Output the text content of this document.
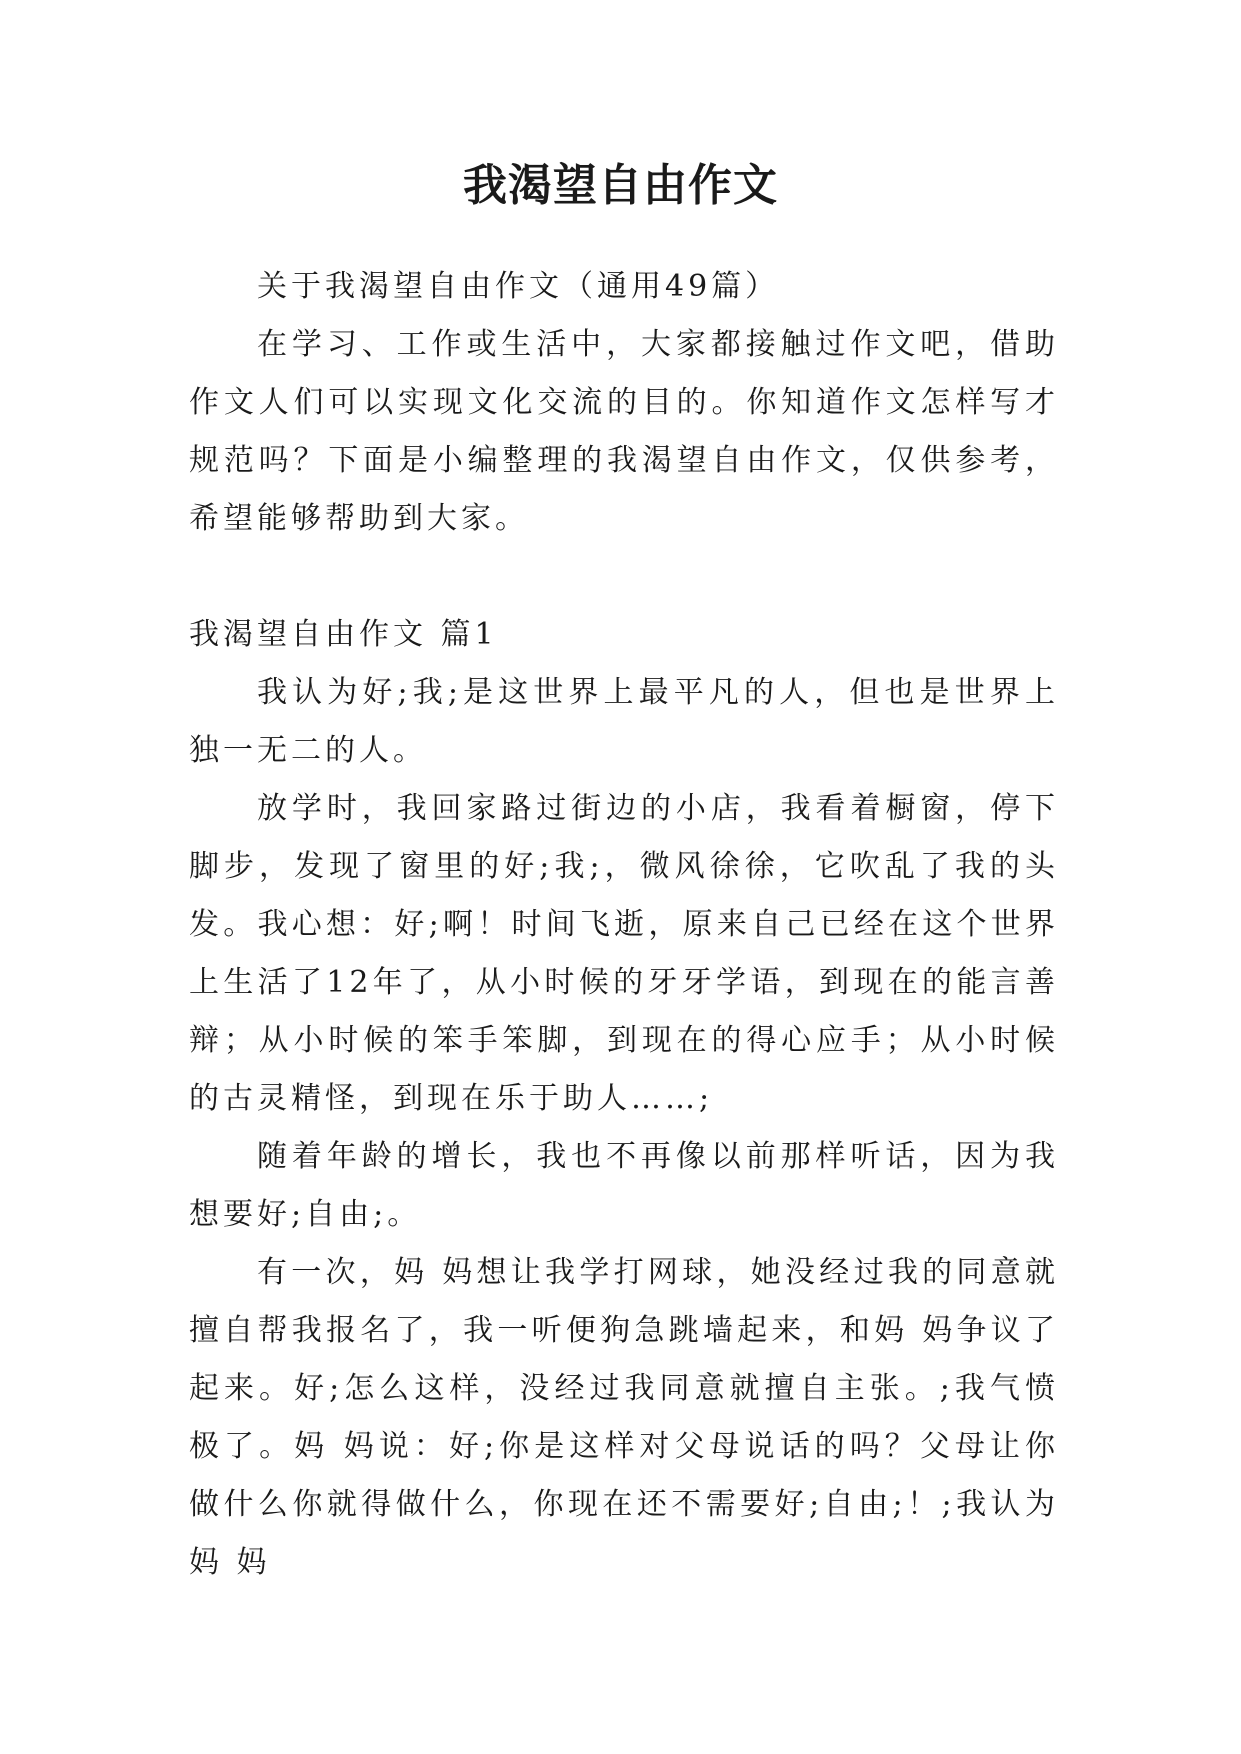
我渴望自由作文

关于我渴望自由作文（通用49篇）

在学习、工作或生活中，大家都接触过作文吧，借助作文人们可以实现文化交流的目的。你知道作文怎样写才规范吗？下面是小编整理的我渴望自由作文，仅供参考，希望能够帮助到大家。

我渴望自由作文 篇1

我认为好;我;是这世界上最平凡的人，但也是世界上独一无二的人。

放学时，我回家路过街边的小店，我看着橱窗，停下脚步，发现了窗里的好;我;，微风徐徐，它吹乱了我的头发。我心想：好;啊！时间飞逝，原来自己已经在这个世界上生活了12年了，从小时候的牙牙学语，到现在的能言善辩；从小时候的笨手笨脚，到现在的得心应手；从小时候的古灵精怪，到现在乐于助人……;

随着年龄的增长，我也不再像以前那样听话，因为我想要好;自由;。

有一次，妈 妈想让我学打网球，她没经过我的同意就擅自帮我报名了，我一听便狗急跳墙起来，和妈 妈争议了起来。好;怎么这样，没经过我同意就擅自主张。;我气愤极了。妈 妈说：好;你是这样对父母说话的吗？父母让你做什么你就得做什么，你现在还不需要好;自由;！;我认为妈 妈
